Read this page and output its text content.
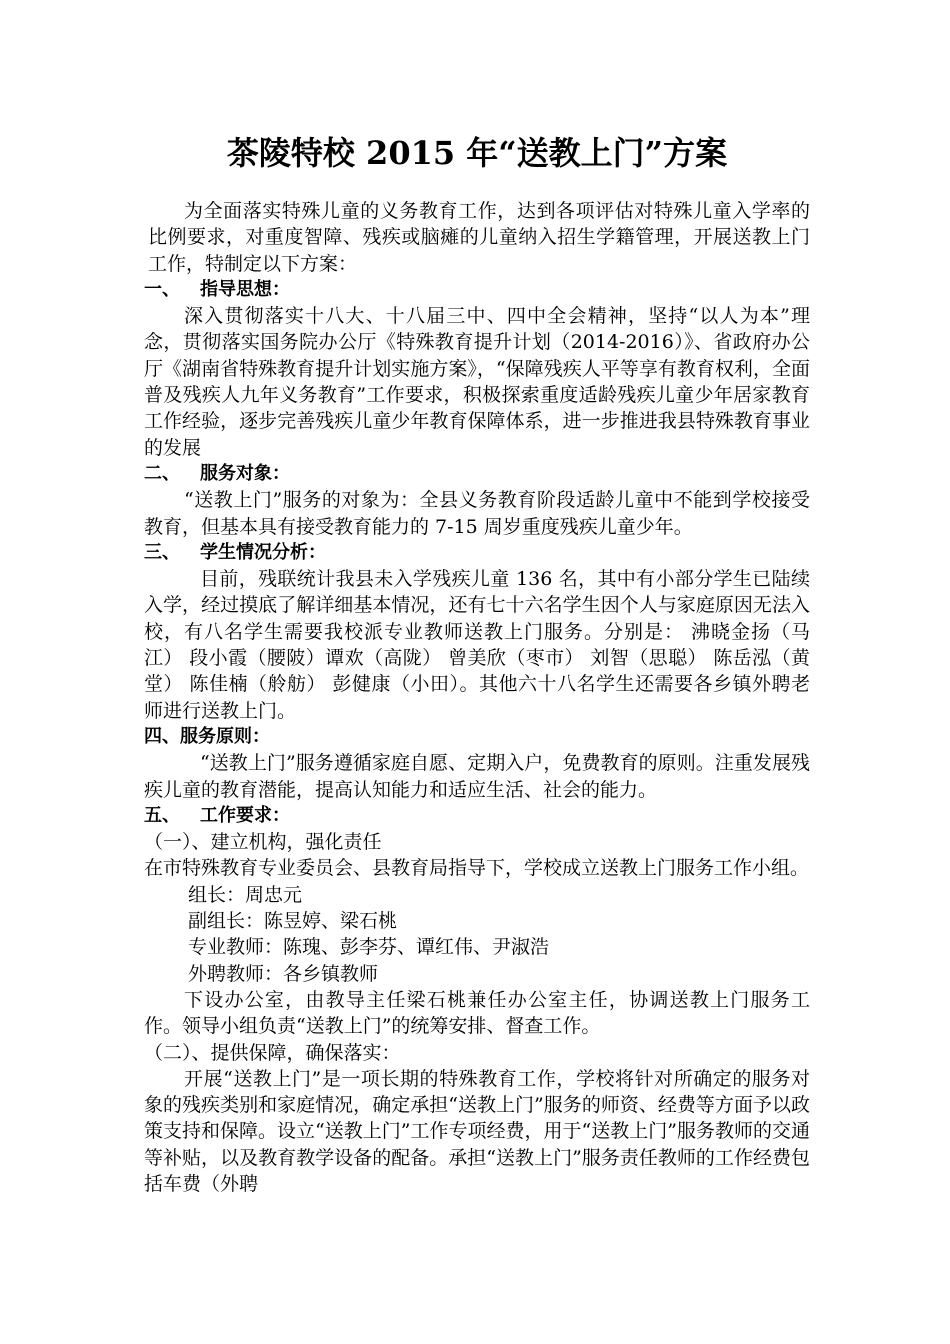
茶陵特校 2015 年“送教上门”方案

为全面落实特殊儿童的义务教育工作，达到各项评估对特殊儿童入学率的比例要求，对重度智障、残疾或脑瘫的儿童纳入招生学籍管理，开展送教上门工作，特制定以下方案：

一、 指导思想：

深入贯彻落实十八大、十八届三中、四中全会精神，坚持“以人为本”理念，贯彻落实国务院办公厅《特殊教育提升计划（2014-2016）》、省政府办公厅《湖南省特殊教育提升计划实施方案》，“保障残疾人平等享有教育权利，全面普及残疾人九年义务教育”工作要求，积极探索重度适龄残疾儿童少年居家教育工作经验，逐步完善残疾儿童少年教育保障体系，进一步推进我县特殊教育事业的发展

二、 服务对象：

“送教上门”服务的对象为：全县义务教育阶段适龄儿童中不能到学校接受教育，但基本具有接受教育能力的 7-15 周岁重度残疾儿童少年。

三、 学生情况分析：

目前，残联统计我县未入学残疾儿童 136 名，其中有小部分学生已陆续入学，经过摸底了解详细基本情况，还有七十六名学生因个人与家庭原因无法入校，有八名学生需要我校派专业教师送教上门服务。分别是： 沸晓金扬（马江） 段小霞（腰陂）谭欢（高陇） 曾美欣（枣市） 刘智（思聪） 陈岳泓（黄堂） 陈佳楠（舲舫） 彭健康（小田）。其他六十八名学生还需要各乡镇外聘老师进行送教上门。

四、服务原则：

“送教上门”服务遵循家庭自愿、定期入户，免费教育的原则。注重发展残疾儿童的教育潜能，提高认知能力和适应生活、社会的能力。

五、 工作要求：

（一）、建立机构，强化责任

在市特殊教育专业委员会、县教育局指导下，学校成立送教上门服务工作小组。

组长：周忠元

副组长：陈昱婷、梁石桃

专业教师：陈瑰、彭李芬、谭红伟、尹淑浩

外聘教师：各乡镇教师

下设办公室，由教导主任梁石桃兼任办公室主任，协调送教上门服务工作。领导小组负责“送教上门”的统筹安排、督查工作。

（二）、提供保障，确保落实：

开展“送教上门”是一项长期的特殊教育工作，学校将针对所确定的服务对象的残疾类别和家庭情况，确定承担“送教上门”服务的师资、经费等方面予以政策支持和保障。设立“送教上门”工作专项经费，用于“送教上门”服务教师的交通等补贴，以及教育教学设备的配备。承担“送教上门”服务责任教师的工作经费包括车费（外聘
